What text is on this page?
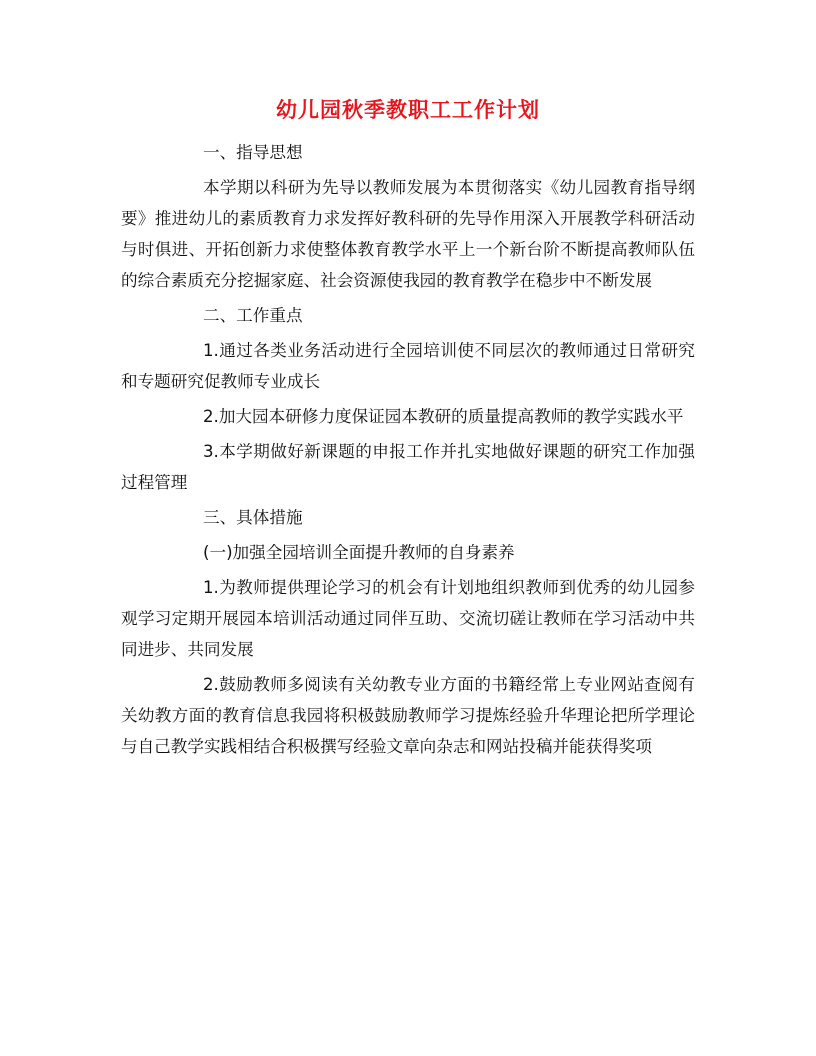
幼儿园秋季教职工工作计划

一、指导思想

本学期以科研为先导以教师发展为本贯彻落实《幼儿园教育指导纲要》推进幼儿的素质教育力求发挥好教科研的先导作用深入开展教学科研活动与时俱进、开拓创新力求使整体教育教学水平上一个新台阶不断提高教师队伍的综合素质充分挖掘家庭、社会资源使我园的教育教学在稳步中不断发展

二、工作重点

1.通过各类业务活动进行全园培训使不同层次的教师通过日常研究和专题研究促教师专业成长

2.加大园本研修力度保证园本教研的质量提高教师的教学实践水平

3.本学期做好新课题的申报工作并扎实地做好课题的研究工作加强过程管理

三、具体措施

(一)加强全园培训全面提升教师的自身素养

1.为教师提供理论学习的机会有计划地组织教师到优秀的幼儿园参观学习定期开展园本培训活动通过同伴互助、交流切磋让教师在学习活动中共同进步、共同发展

2.鼓励教师多阅读有关幼教专业方面的书籍经常上专业网站查阅有关幼教方面的教育信息我园将积极鼓励教师学习提炼经验升华理论把所学理论与自己教学实践相结合积极撰写经验文章向杂志和网站投稿并能获得奖项
